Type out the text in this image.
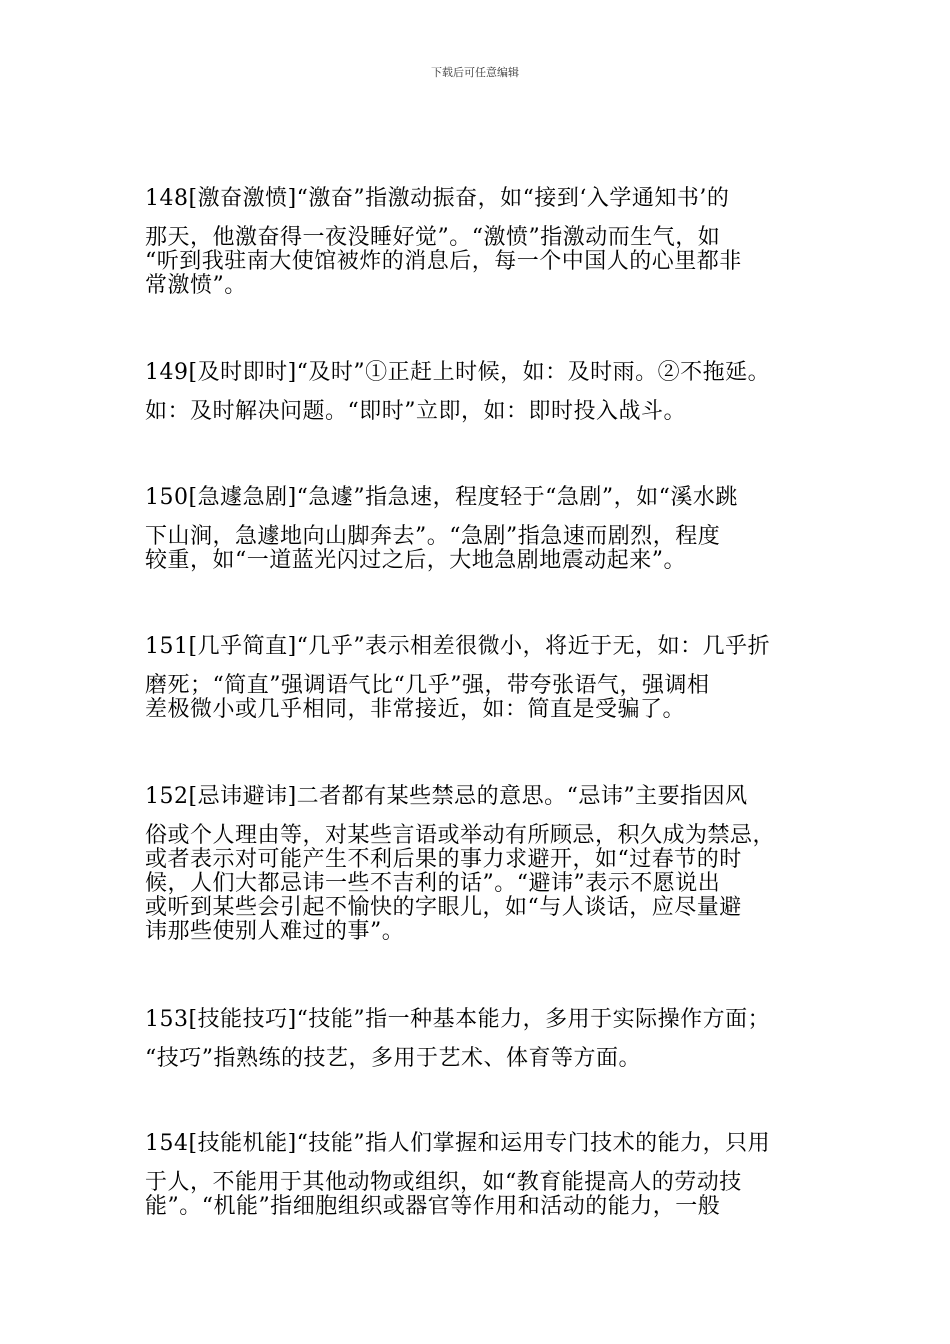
下载后可任意编辑
148[激奋激愤]“激奋”指激动振奋，如“接到‘入学通知书’的
那天，他激奋得一夜没睡好觉”。“激愤”指激动而生气，如
“听到我驻南大使馆被炸的消息后，每一个中国人的心里都非
常激愤”。
149[及时即时]“及时”①正赶上时候，如：及时雨。②不拖延。
如：及时解决问题。“即时”立即，如：即时投入战斗。
150[急遽急剧]“急遽”指急速，程度轻于“急剧”，如“溪水跳
下山涧，急遽地向山脚奔去”。“急剧”指急速而剧烈，程度
较重，如“一道蓝光闪过之后，大地急剧地震动起来”。
151[几乎简直]“几乎”表示相差很微小，将近于无，如：几乎折
磨死；“简直”强调语气比“几乎”强，带夸张语气，强调相
差极微小或几乎相同，非常接近，如：简直是受骗了。
152[忌讳避讳]二者都有某些禁忌的意思。“忌讳”主要指因风
俗或个人理由等，对某些言语或举动有所顾忌，积久成为禁忌，
或者表示对可能产生不利后果的事力求避开，如“过春节的时
候，人们大都忌讳一些不吉利的话”。“避讳”表示不愿说出
或听到某些会引起不愉快的字眼儿，如“与人谈话，应尽量避
讳那些使别人难过的事”。
153[技能技巧]“技能”指一种基本能力，多用于实际操作方面；
“技巧”指熟练的技艺，多用于艺术、体育等方面。
154[技能机能]“技能”指人们掌握和运用专门技术的能力，只用
于人，不能用于其他动物或组织，如“教育能提高人的劳动技
能”。“机能”指细胞组织或器官等作用和活动的能力，一般
